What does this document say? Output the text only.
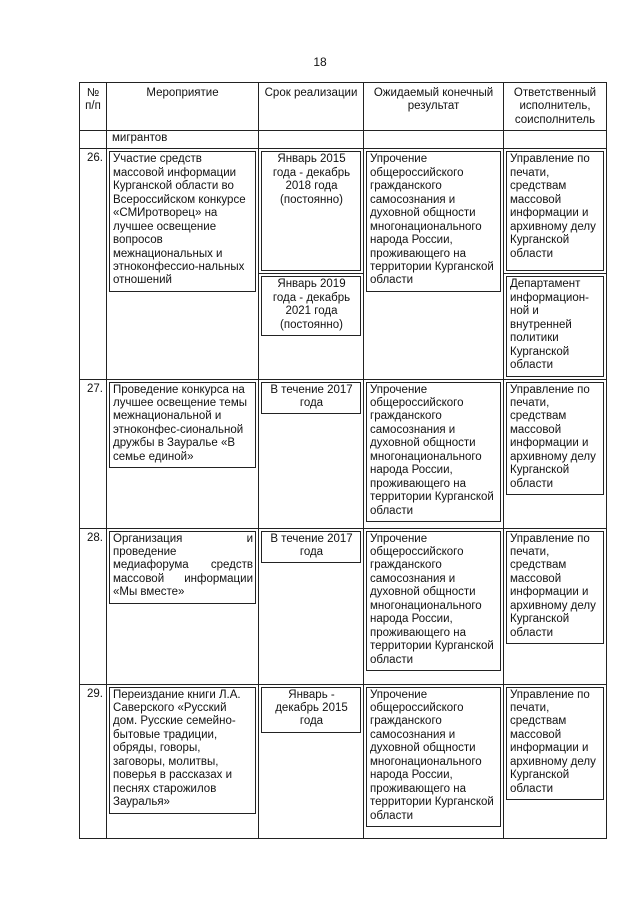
18
№ п/п	Мероприятие	Срок реализации	Ожидаемый конечный результат	Ответственный исполнитель, соисполнитель

	мигрантов			

26.	Участие средств массовой информации Курганской области во Всероссийском конкурсе «СМИротворец» на лучшее освещение вопросов межнациональных и этноконфессио-нальных отношений	Январь 2015 года - декабрь 2018 года (постоянно)	Упрочение общероссийского гражданского самосознания и духовной общности многонационального народа России, проживающего на территории Курганской области	Управление по печати, средствам массовой информации и архивному делу Курганской области

		Январь 2019 года - декабрь 2021 года (постоянно)		Департамент информацион-ной и внутренней политики Курганской области

27.	Проведение конкурса на лучшее освещение темы межнациональной и этноконфес-сиональной дружбы в Зауралье «В семье единой»	В течение 2017 года	Упрочение общероссийского гражданского самосознания и духовной общности многонационального народа России, проживающего на территории Курганской области	Управление по печати, средствам массовой информации и архивному делу Курганской области

28.	Организация и проведение медиафорума средств массовой информации «Мы вместе»	В течение 2017 года	Упрочение общероссийского гражданского самосознания и духовной общности многонационального народа России, проживающего на территории Курганской области	Управление по печати, средствам массовой информации и архивному делу Курганской области

29.	Переиздание книги Л.А. Саверского «Русский дом. Русские семейно-бытовые традиции, обряды, говоры, заговоры, молитвы, поверья в рассказах и песнях старожилов Зауралья»	Январь - декабрь 2015 года	Упрочение общероссийского гражданского самосознания и духовной общности многонационального народа России, проживающего на территории Курганской области	Управление по печати, средствам массовой информации и архивному делу Курганской области
